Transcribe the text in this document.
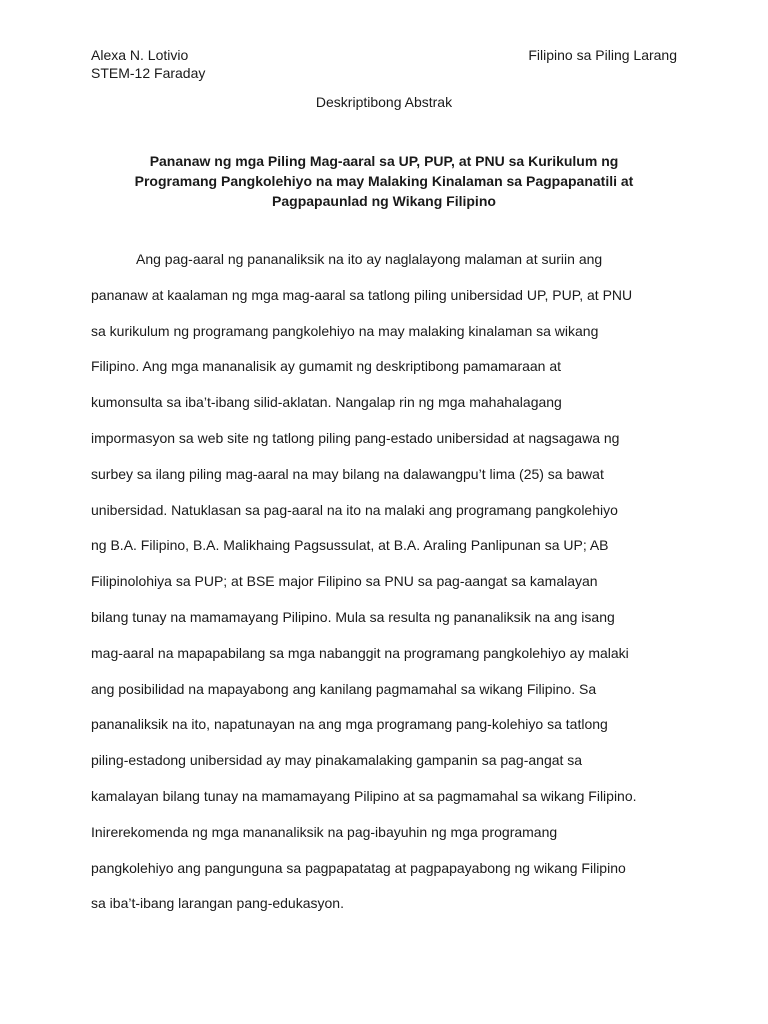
Alexa N. Lotivio
STEM-12 Faraday
Filipino sa Piling Larang
Deskriptibong Abstrak
Pananaw ng mga Piling Mag-aaral sa UP, PUP, at PNU sa Kurikulum ng
Programang Pangkolehiyo na may Malaking Kinalaman sa Pagpapanatili at
Pagpapaunlad ng Wikang Filipino
Ang pag-aaral ng pananaliksik na ito ay naglalayong malaman at suriin ang
pananaw at kaalaman ng mga mag-aaral sa tatlong piling unibersidad UP, PUP, at PNU
sa kurikulum ng programang pangkolehiyo na may malaking kinalaman sa wikang
Filipino. Ang mga mananalisik ay gumamit ng deskriptibong pamamaraan at
kumonsulta sa iba’t-ibang silid-aklatan. Nangalap rin ng mga mahahalagang
impormasyon sa web site ng tatlong piling pang-estado unibersidad at nagsagawa ng
surbey sa ilang piling mag-aaral na may bilang na dalawangpu’t lima (25) sa bawat
unibersidad. Natuklasan sa pag-aaral na ito na malaki ang programang pangkolehiyo
ng B.A. Filipino, B.A. Malikhaing Pagsussulat, at B.A. Araling Panlipunan sa UP; AB
Filipinolohiya sa PUP; at BSE major Filipino sa PNU sa pag-aangat sa kamalayan
bilang tunay na mamamayang Pilipino. Mula sa resulta ng pananaliksik na ang isang
mag-aaral na mapapabilang sa mga nabanggit na programang pangkolehiyo ay malaki
ang posibilidad na mapayabong ang kanilang pagmamahal sa wikang Filipino. Sa
pananaliksik na ito, napatunayan na ang mga programang pang-kolehiyo sa tatlong
piling-estadong unibersidad ay may pinakamalaking gampanin sa pag-angat sa
kamalayan bilang tunay na mamamayang Pilipino at sa pagmamahal sa wikang Filipino.
Inirerekomenda ng mga mananaliksik na pag-ibayuhin ng mga programang
pangkolehiyo ang pangunguna sa pagpapatatag at pagpapayabong ng wikang Filipino
sa iba’t-ibang larangan pang-edukasyon.
